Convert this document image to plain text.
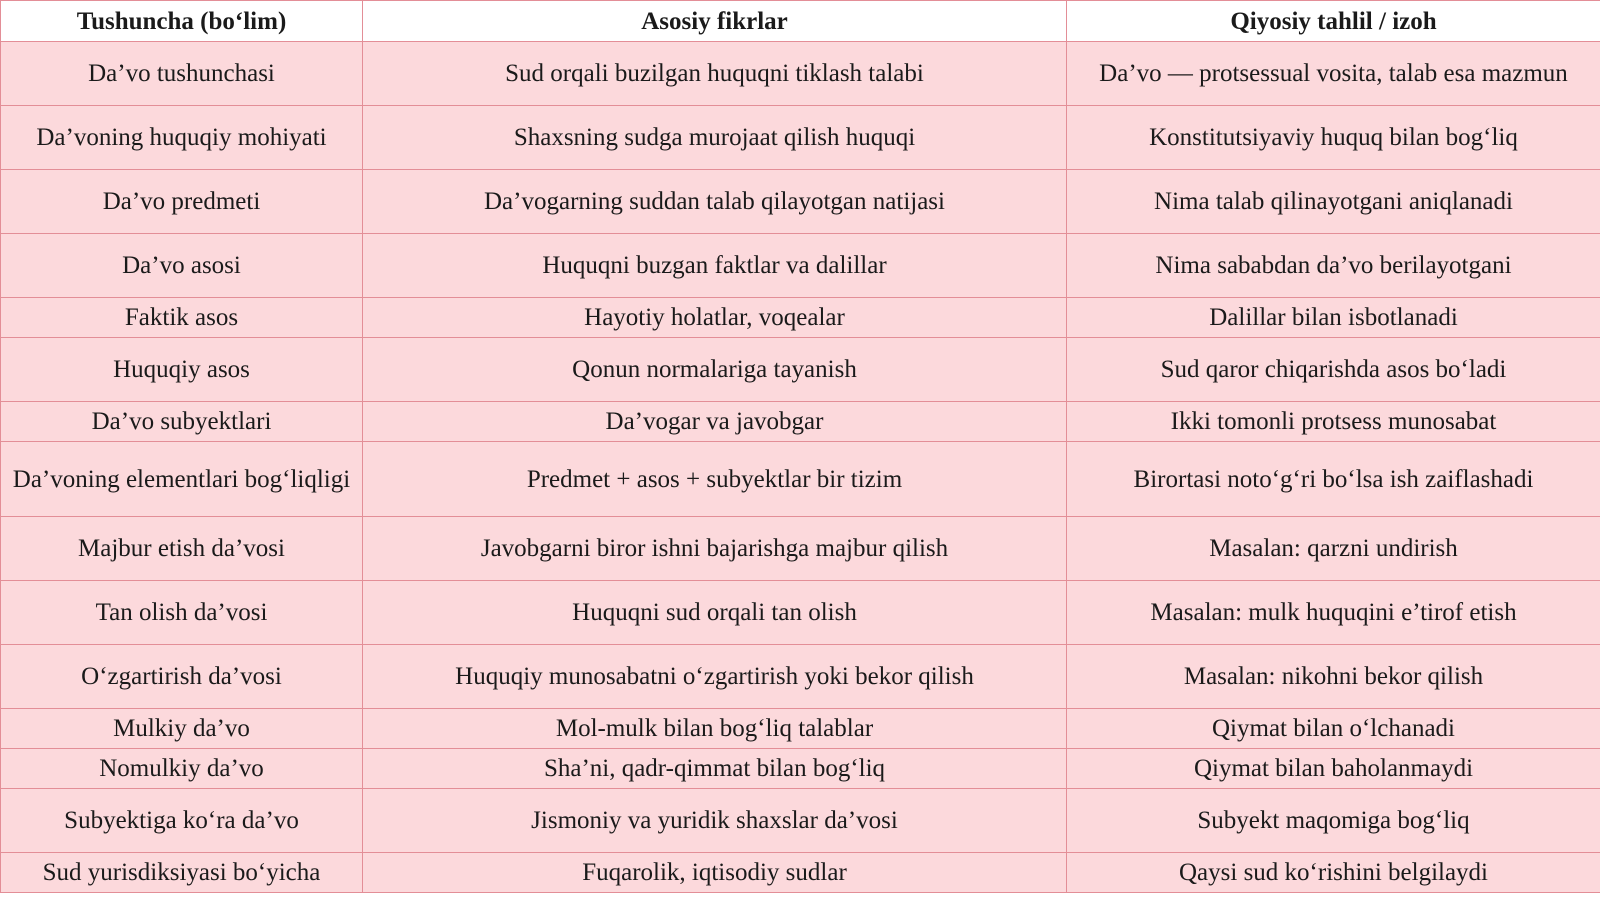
Tushuncha (bo‘lim)	Asosiy fikrlar	Qiyosiy tahlil / izoh
Da’vo tushunchasi	Sud orqali buzilgan huquqni tiklash talabi	Da’vo — protsessual vosita, talab esa mazmun
Da’voning huquqiy mohiyati	Shaxsning sudga murojaat qilish huquqi	Konstitutsiyaviy huquq bilan bog‘liq
Da’vo predmeti	Da’vogarning suddan talab qilayotgan natijasi	Nima talab qilinayotgani aniqlanadi
Da’vo asosi	Huquqni buzgan faktlar va dalillar	Nima sababdan da’vo berilayotgani
Faktik asos	Hayotiy holatlar, voqealar	Dalillar bilan isbotlanadi
Huquqiy asos	Qonun normalariga tayanish	Sud qaror chiqarishda asos bo‘ladi
Da’vo subyektlari	Da’vogar va javobgar	Ikki tomonli protsess munosabat
Da’voning elementlari bog‘liqligi	Predmet + asos + subyektlar bir tizim	Birortasi noto‘g‘ri bo‘lsa ish zaiflashadi
Majbur etish da’vosi	Javobgarni biror ishni bajarishga majbur qilish	Masalan: qarzni undirish
Tan olish da’vosi	Huquqni sud orqali tan olish	Masalan: mulk huquqini e’tirof etish
O‘zgartirish da’vosi	Huquqiy munosabatni o‘zgartirish yoki bekor qilish	Masalan: nikohni bekor qilish
Mulkiy da’vo	Mol-mulk bilan bog‘liq talablar	Qiymat bilan o‘lchanadi
Nomulkiy da’vo	Sha’ni, qadr-qimmat bilan bog‘liq	Qiymat bilan baholanmaydi
Subyektiga ko‘ra da’vo	Jismoniy va yuridik shaxslar da’vosi	Subyekt maqomiga bog‘liq
Sud yurisdiksiyasi bo‘yicha	Fuqarolik, iqtisodiy sudlar	Qaysi sud ko‘rishini belgilaydi
